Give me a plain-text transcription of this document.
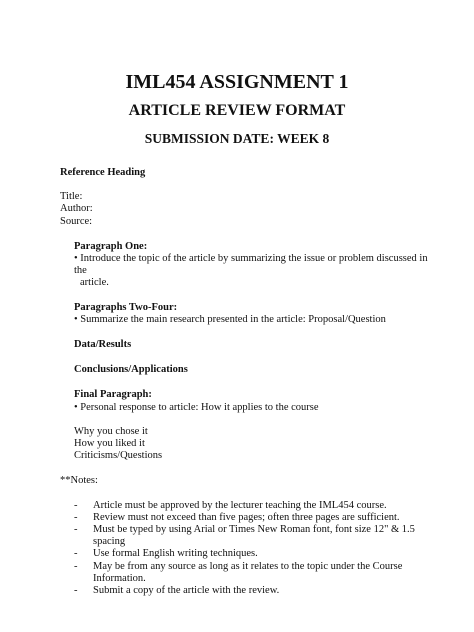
IML454 ASSIGNMENT 1
ARTICLE REVIEW FORMAT
SUBMISSION DATE: WEEK 8

Reference Heading

Title:

Author:

Source:

Paragraph One:

• Introduce the topic of the article by summarizing the issue or problem discussed in the
article.

Paragraphs Two-Four:

• Summarize the main research presented in the article: Proposal/Question

Data/Results

Conclusions/Applications

Final Paragraph:

• Personal response to article: How it applies to the course

Why you chose it

How you liked it

Criticisms/Questions

**Notes:

- Article must be approved by the lecturer teaching the IML454 course.
- Review must not exceed than five pages; often three pages are sufficient.
- Must be typed by using Arial or Times New Roman font, font size 12" & 1.5 spacing
- Use formal English writing techniques.
- May be from any source as long as it relates to the topic under the Course Information.
- Submit a copy of the article with the review.
